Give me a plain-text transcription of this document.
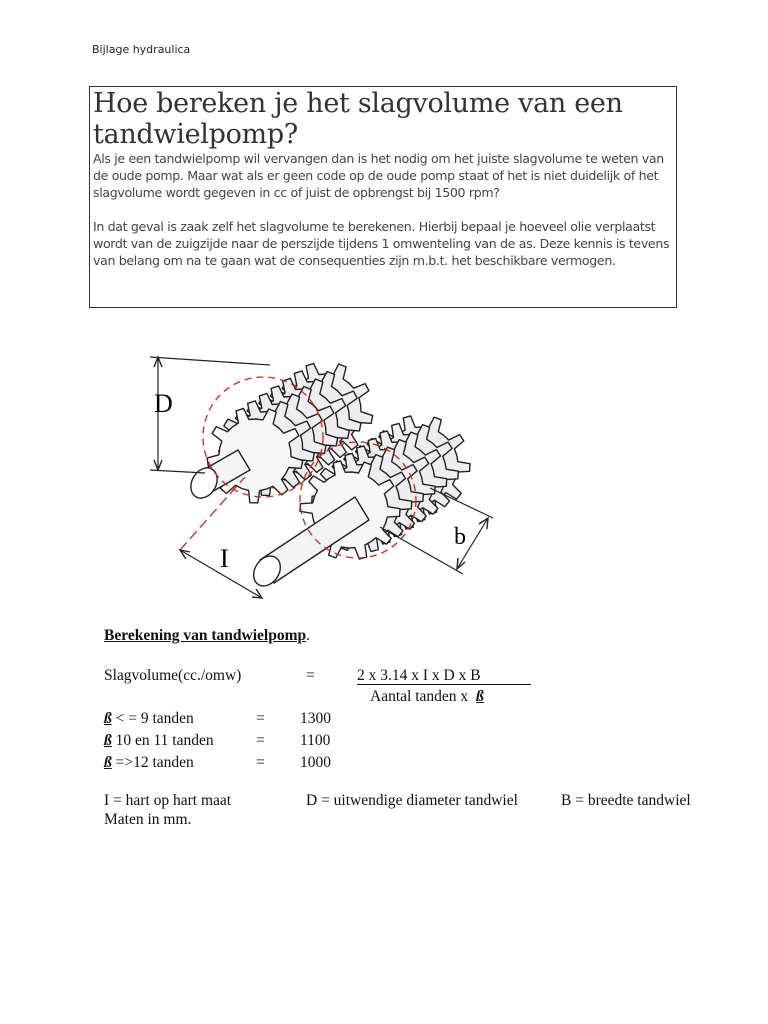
Bijlage hydraulica
Hoe bereken je het slagvolume van een tandwielpomp?

Als je een tandwielpomp wil vervangen dan is het nodig om het juiste slagvolume te weten van de oude pomp. Maar wat als er geen code op de oude pomp staat of het is niet duidelijk of het slagvolume wordt gegeven in cc of juist de opbrengst bij 1500 rpm?

In dat geval is zaak zelf het slagvolume te berekenen. Hierbij bepaal je hoeveel olie verplaatst wordt van de zuigzijde naar de perszijde tijdens 1 omwenteling van de as. Deze kennis is tevens van belang om na te gaan wat de consequenties zijn m.b.t. het beschikbare vermogen.

D
I
b
Berekening van tandwielpomp.
Slagvolume(cc./omw)	=	2 x 3.14 x I x D x B
Aantal tanden x ß
ß < = 9 tanden	= 1300
ß 10 en 11 tanden	= 1100
ß =>12 tanden	= 1000
I = hart op hart maat	D = uitwendige diameter tandwiel	B = breedte tandwiel
Maten in mm.
